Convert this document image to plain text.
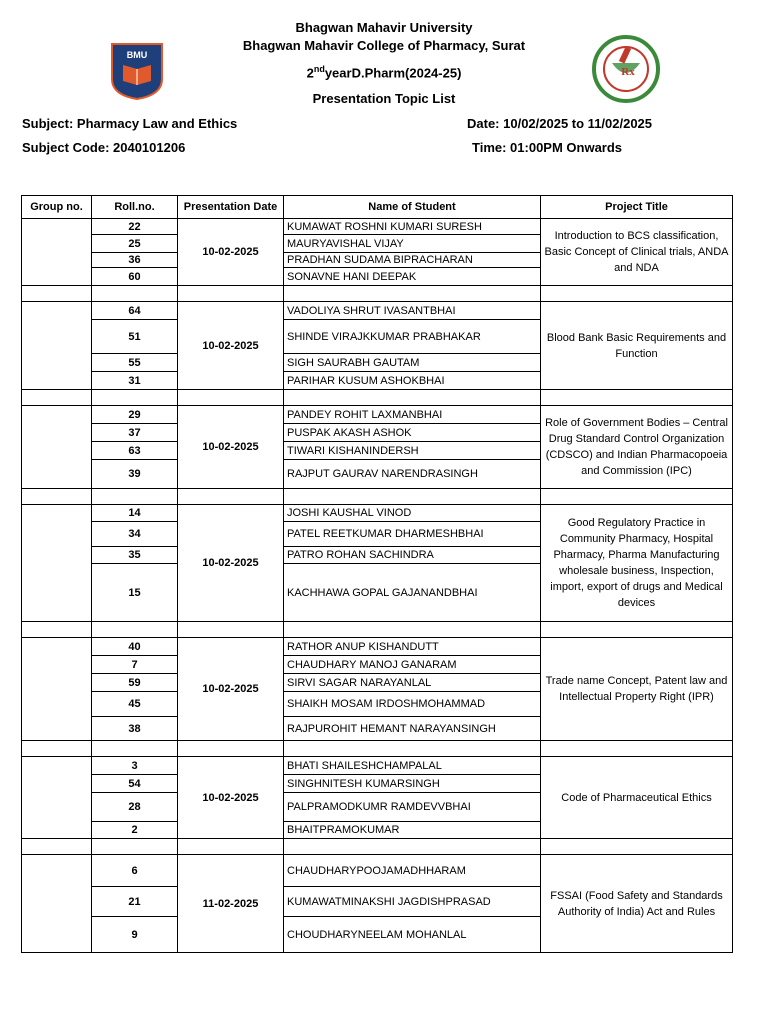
Bhagwan Mahavir University
Bhagwan Mahavir College of Pharmacy, Surat
2ndyearD.Pharm(2024-25)
Presentation Topic List
BMU
Rx
Subject: Pharmacy Law and Ethics
Subject Code: 2040101206
Date: 10/02/2025 to 11/02/2025
Time: 01:00PM Onwards
Group no.	Roll.no.	Presentation Date	Name of Student	Project Title
	22	10-02-2025	KUMAWAT ROSHNI KUMARI SURESH	Introduction to BCS classification, Basic Concept of Clinical trials, ANDA and NDA
	25		MAURYAVISHAL VIJAY	
	36		PRADHAN SUDAMA BIPRACHARAN	
	60		SONAVNE HANI DEEPAK	

	64	10-02-2025	VADOLIYA SHRUT IVASANTBHAI	Blood Bank Basic Requirements and Function
	51		SHINDE VIRAJKKUMAR PRABHAKAR	
	55		SIGH SAURABH GAUTAM	
	31		PARIHAR KUSUM ASHOKBHAI	

	29	10-02-2025	PANDEY ROHIT LAXMANBHAI	Role of Government Bodies – Central Drug Standard Control Organization (CDSCO) and Indian Pharmacopoeia and Commission (IPC)
	37		PUSPAK AKASH ASHOK	
	63		TIWARI KISHANINDERSH	
	39		RAJPUT GAURAV NARENDRASINGH	

	14	10-02-2025	JOSHI KAUSHAL VINOD	Good Regulatory Practice in Community Pharmacy, Hospital Pharmacy, Pharma Manufacturing wholesale business, Inspection, import, export of drugs and Medical devices
	34		PATEL REETKUMAR DHARMESHBHAI	
	35		PATRO ROHAN SACHINDRA	
	15		KACHHAWA GOPAL GAJANANDBHAI	

	40	10-02-2025	RATHOR ANUP KISHANDUTT	Trade name Concept, Patent law and Intellectual Property Right (IPR)
	7		CHAUDHARY MANOJ GANARAM	
	59		SIRVI SAGAR NARAYANLAL	
	45		SHAIKH MOSAM IRDOSHMOHAMMAD	
	38		RAJPUROHIT HEMANT NARAYANSINGH	

	3	10-02-2025	BHATI SHAILESHCHAMPALAL	Code of Pharmaceutical Ethics
	54		SINGHNITESH KUMARSINGH	
	28		PALPRAMODKUMR RAMDEVVBHAI	
	2		BHAITPRAMOKUMAR	

	6	11-02-2025	CHAUDHARYPOOJAMADHHARAM	FSSAI (Food Safety and Standards Authority of India) Act and Rules
	21		KUMAWATMINAKSHI JAGDISHPRASAD	
	9		CHOUDHARYNEELAM MOHANLAL	
